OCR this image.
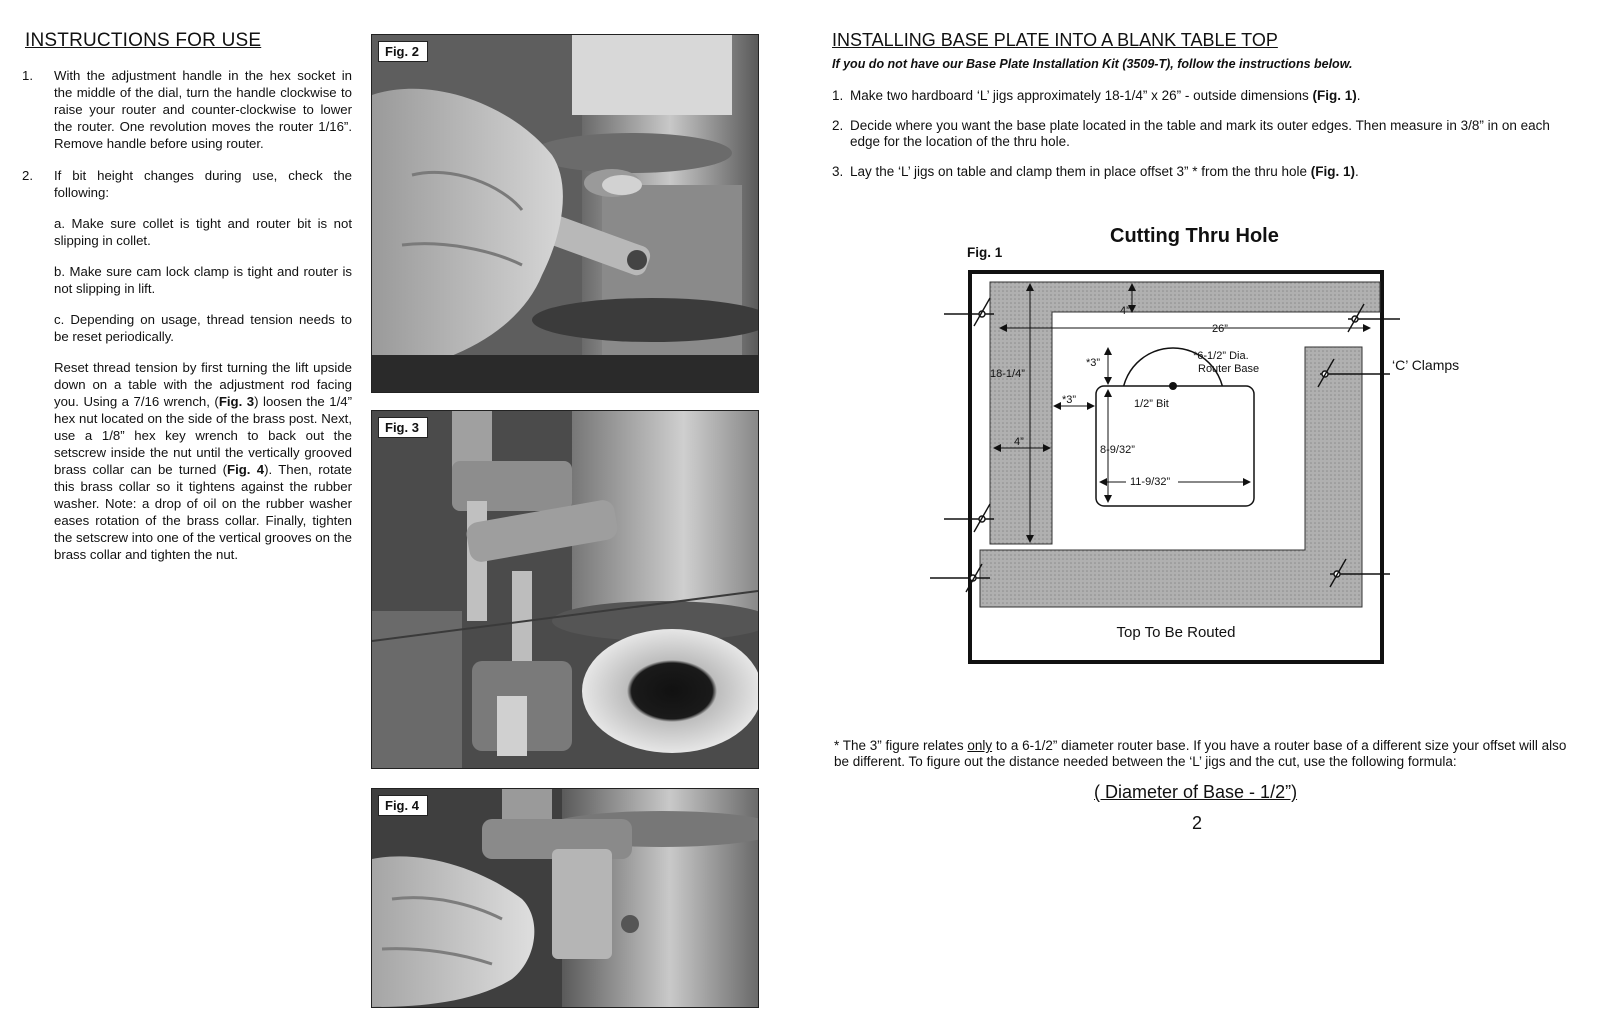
INSTRUCTIONS FOR USE
1.	With the adjustment handle in the hex socket in the middle of the dial, turn the handle clockwise to raise your router and counter-clockwise to lower the router. One revolution moves the router 1/16”. Remove handle before using router.
2.	If bit height changes during use, check the following:
a. Make sure collet is tight and router bit is not slipping in collet.
b. Make sure cam lock clamp is tight and router is not slipping in lift.
c. Depending on usage, thread tension needs to be reset periodically.
Reset thread tension by first turning the lift upside down on a table with the adjustment rod facing you. Using a 7/16 wrench, (Fig. 3) loosen the 1/4” hex nut located on the side of the brass post. Next, use a 1/8” hex key wrench to back out the setscrew inside the nut until the vertically grooved brass collar can be turned (Fig. 4). Then, rotate this brass collar so it tightens against the rubber washer. Note: a drop of oil on the rubber washer eases rotation of the brass collar. Finally, tighten the setscrew into one of the vertical grooves on the brass collar and tighten the nut.
Fig. 2
Fig. 3
Fig. 4
INSTALLING BASE PLATE INTO A BLANK TABLE TOP
If you do not have our Base Plate Installation Kit (3509-T), follow the instructions below.
1. Make two hardboard ‘L’ jigs approximately 18-1/4” x 26” - outside dimensions (Fig. 1).
2. Decide where you want the base plate located in the table and mark its outer edges. Then measure in 3/8” in on each edge for the location of the thru hole.
3. Lay the ‘L’ jigs on table and clamp them in place offset 3” * from the thru hole (Fig. 1).
Cutting Thru Hole
Fig. 1
26”
4”
18-1/4”
*3”
*3”
4”
*6-1/2” Dia.
Router Base
1/2” Bit
8-9/32”
11-9/32”
‘C’ Clamps
Top To Be Routed
* The 3” figure relates only to a 6-1/2” diameter router base. If you have a router base of a different size your offset will also be different. To figure out the distance needed between the ‘L’ jigs and the cut, use the following formula:
( Diameter of Base - 1/2”)
2
